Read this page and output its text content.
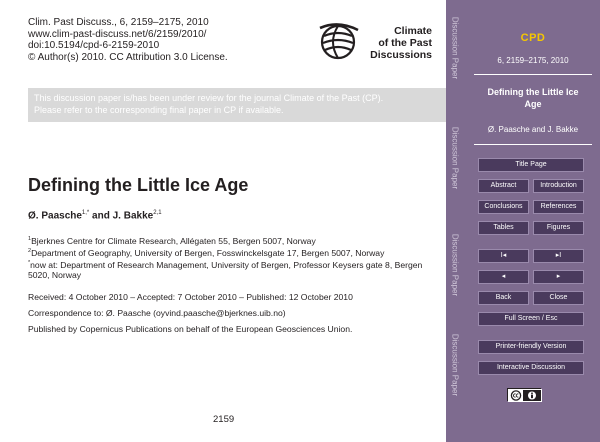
Clim. Past Discuss., 6, 2159–2175, 2010
www.clim-past-discuss.net/6/2159/2010/
doi:10.5194/cpd-6-2159-2010
© Author(s) 2010. CC Attribution 3.0 License.
Climate
of the Past
Discussions
This discussion paper is/has been under review for the journal Climate of the Past (CP).
Please refer to the corresponding final paper in CP if available.
Defining the Little Ice Age
Ø. Paasche$^{1,*}$ and J. Bakke$^{2,1}$
$^1$Bjerknes Centre for Climate Research, Allégaten 55, Bergen 5007, Norway
$^2$Department of Geography, University of Bergen, Fosswinckelsgate 17, Bergen 5007, Norway
*now at: Department of Research Management, University of Bergen, Professor Keysers gate 8, Bergen 5020, Norway
Received: 4 October 2010 – Accepted: 7 October 2010 – Published: 12 October 2010
Correspondence to: Ø. Paasche (oyvind.paasche@bjerknes.uib.no)
Published by Copernicus Publications on behalf of the European Geosciences Union.
2159
Discussion Paper
Discussion Paper
Discussion Paper
Discussion Paper
CPD
6, 2159–2175, 2010
Defining the Little Ice Age
Ø. Paasche and J. Bakke
Title Page
Abstract	Introduction
Conclusions	References
Tables	Figures
I◂	▸I
◂	▸
Back	Close
Full Screen / Esc
Printer-friendly Version
Interactive Discussion
